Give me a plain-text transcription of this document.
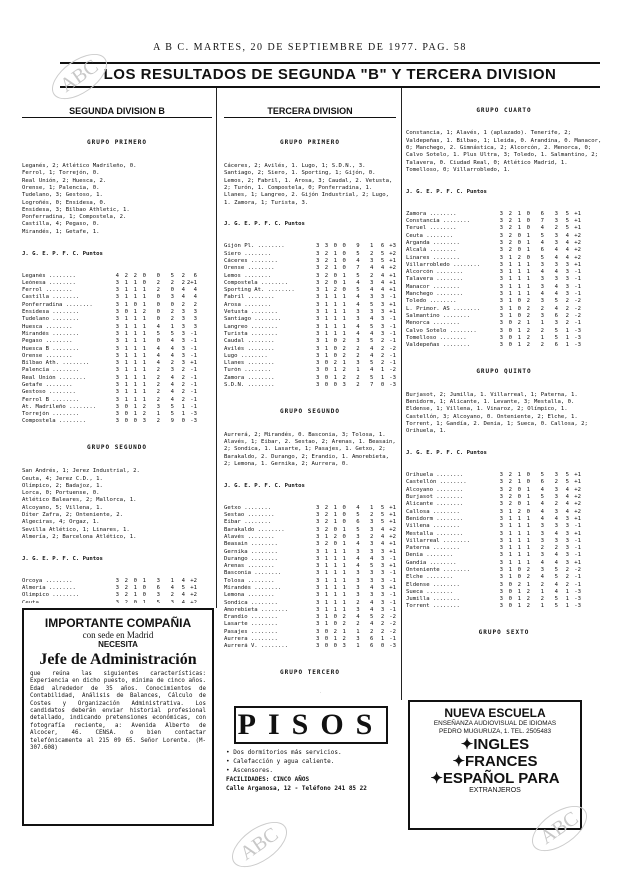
A B C. MARTES, 20 DE SEPTIEMBRE DE 1977. PAG. 58
LOS RESULTADOS DE SEGUNDA "B" Y TERCERA DIVISION

SEGUNDA DIVISION B

GRUPO PRIMERO

Leganés, 2; Atlético Madrileño, 0.
Ferrol, 1; Torrejón, 0.
Real Unión, 2; Huesca, 2.
Orense, 1; Palencia, 0.
Tudelano, 3; Gestoso, 1.
Logroñés, 0; Ensidesa, 0.
Ensidesa, 3; Bilbao Athletic, 1.
Ponferradina, 1; Compostela, 2.
Castilla, 4; Pegaso, 0.
Mirandés, 1; Getafe, 1.

J. G. E. P. F. C. Puntos

Leganés ........	4	2	2	0	0	5	2	6
Leónesa ........	3	1	1	0	2	2	2 2+1
Ferrol ........	3	1	1	1	2	0	4	4
Castilla ........	3	1	1	1	0	3	4	4
Ponferradina ........	3	1	0	1	0	0	2	2
Ensidesa ........	3	0	1	2	0	2	3	3
Tudelano ........	3	1	1	1	0	2	3	3
Huesca ........	3	1	1	1	4	1	3	3
Mirandés ........	3	1	1	1	5	5	3 -1
Pegaso ........	3	1	1	1	0	4	3 -1
Huesca B ........	3	1	1	1	4	4	3 -1
Orense ........	3	1	1	1	4	4	3 -1
Bilbao Ath. ........	3	1	1	1	4	2	3 +1
Palencia ........	3	1	1	1	2	3	2 -1
Real Unión ........	3	1	1	1	2	4	2 -1
Getafe ........	3	1	1	1	2	4	2 -1
Gestoso ........	3	1	1	1	2	4	2 -1
Ferrol B ........	3	1	1	1	2	4	2 -1
At. Madrileño ........	3	0	1	2	3	5	1 -1
Torrejón ........	3	0	1	2	1	5	1 -3
Compostela ........	3	0	0	3	2	9	0 -3

GRUPO SEGUNDO

San Andrés, 1; Jerez Industrial, 2.
Ceuta, 4; Jerez C.D., 1.
Olímpico, 2; Badajoz, 1.
Lorca, 0; Portuense, 0.
Atlético Baleares, 2; Mallorca, 1.
Alcoyano, 5; Villena, 1.
Díter Zafra, 2; Onteniente, 2.
Algeciras, 4; Orgaz, 1.
Sevilla Atlético, 1; Linares, 1.
Almería, 2; Barcelona Atlético, 1.

J. G. E. P. F. C. Puntos

Orcoya ........	3	2	0	1	3	1	4 +2
Almería ........	3	2	1	0	6	4	5 +1
Olímpico ........	3	2	1	0	3	2	4 +2
Ceuta ........	3	2	0	1	5	3	4 +2

TERCERA DIVISION

GRUPO PRIMERO

Cáceres, 2; Avilés, 1. Lugo, 1; S.D.N., 3. Santiago, 2; Siero, 1. Sporting, 1; Gijón, 0. Lemos, 2; Fabril, 1. Arosa, 3; Caudal, 2. Vetusta, 2; Turón, 1. Compostela, 0; Ponferradina, 1. Llanes, 1; Langreo, 2. Gijón Industrial, 2; Lugo, 1. Zamora, 1; Turista, 3.

J. G. E. P. F. C. Puntos

Gijón Pl. ........	3 3 0 0	9	1	6 +3
Siero ........	3 2 1 0	5	2	5 +2
Cáceres ........	3 2 1 0	4	3	5 +1
Orense ........	3 2 1 0	7	4	4 +2
Lemos ........	3 2 0 1	5	2	4 +1
Compostela ........	3 2 0 1	4	3	4 +1
Sporting At. ........	3 1 2 0	5	4	4 +1
Fabril ........	3 1 1 1	4	3	3 -1
Arosa ........	3 1 1 1	4	5	3 +1
Vetusta ........	3 1 1 1	3	3	3 +1
Santiago ........	3 1 1 1	3	4	3 -1
Langreo ........	3 1 1 1	4	5	3 -1
Turista ........	3 1 1 1	4	4	3 -1
Caudal ........	3 1 0 2	3	5	2 -1
Avilés ........	3 1 0 2	2	4	2 -2
Lugo ........	3 1 0 2	2	4	2 -1
Llanes ........	3 0 2 1	3	5	2 -1
Turón ........	3 0 1 2	1	4	1 -2
Zamora ........	3 0 1 2	2	5	1 -3
S.D.N. ........	3 0 0 3	2	7	0 -3

GRUPO SEGUNDO

Aurrerá, 2; Mirandés, 0. Basconia, 3; Tolosa, 1. Alavés, 1; Eibar, 2. Sestao, 2; Arenas, 1. Beasain, 2; Sondica, 1. Lasarte, 1; Pasajes, 1. Getxo, 2; Barakaldo, 2. Durango, 2; Erandio, 1. Amorebieta, 2; Lemona, 1. Gernika, 2; Aurrera, 0.

J. G. E. P. F. C. Puntos

Getxo ........	3 2 1 0	4	1	5 +1
Sestao ........	3 2 1 0	5	2	5 +1
Eibar ........	3 2 1 0	6	3	5 +1
Barakaldo ........	3 2 0 1	5	3	4 +2
Alavés ........	3 1 2 0	3	2	4 +2
Beasain ........	3 2 0 1	4	3	4 +1
Gernika ........	3 1 1 1	3	3	3 +1
Durango ........	3 1 1 1	4	4	3 -1
Arenas ........	3 1 1 1	4	5	3 +1
Basconia ........	3 1 1 1	3	3	3 -1
Tolosa ........	3 1 1 1	3	3	3 -1
Mirandés ........	3 1 1 1	3	4	3 +1
Lemona ........	3 1 1 1	3	3	3 -1
Sondica ........	3 1 1 1	2	4	3 -1
Amorebieta ........	3 1 1 1	3	4	3 -1
Erandio ........	3 1 0 2	4	5	2 -2
Lasarte ........	3 1 0 2	2	4	2 -2
Pasajes ........	3 0 2 1	1	2	2 -2
Aurrera ........	3 0 1 2	3	6	1 -1
Aurrerá V. ........	3 0 0 3	1	6	0 -3

GRUPO TERCERO

GRUPO CUARTO

Constancia, 1; Alavés, 1 (aplazado). Tenerife, 2; Valdepeñas, 1. Bilbao, 1; Lleida, 0. Arandina, 0. Manacor, 0; Manchego, 2. Gimnástica, 2; Alcorcón, 2. Menorca, 0; Calvo Sotelo, 1. Plus Ultra, 3; Toledo, 1. Salmantino, 2; Talavera, 0. Ciudad Real, 0; Atlético Madrid, 1. Tomelloso, 0; Villarrobledo, 1.

J. G. E. P. F. C. Puntos

Zamora ........	3	2	1	0	6	3	5 +1
Constancia ........	3	2	1	0	7	3	5 +1
Teruel ........	3	2	1	0	4	2	5 +1
Ceuta ........	3	2	0	1	5	3	4 +2
Arganda ........	3	2	0	1	4	3	4 +2
Alcalá ........	3	2	0	1	6	4	4 +2
Linares ........	3	1	2	0	5	4	4 +2
Villarrobledo ........	3	1	1	1	3	3	3 +1
Alcorcón ........	3	1	1	1	4	4	3 -1
Talavera ........	3	1	1	1	3	3	3 -1
Manacor ........	3	1	1	1	3	4	3 -1
Manchego ........	3	1	1	1	4	4	3 -1
Toledo ........	3	1	0	2	3	5	2 -2
L. Primor. AS ........	3	1	0	2	2	4	2 -2
Salmantino ........	3	1	0	2	3	6	2 -2
Menorca ........	3	0	2	1	1	3	2 -1
Calvo Sotelo ........	3	0	1	2	2	5	1 -3
Tomelloso ........	3	0	1	2	1	5	1 -3
Valdepeñas ........	3	0	1	2	2	6	1 -3

GRUPO QUINTO

Burjasot, 2; Jumilla, 1. Villarreal, 1; Paterna, 1. Benidorm, 1; Alicante, 1. Levante, 3; Mestalla, 0. Eldense, 1; Villena, 1. Vinaroz, 2; Olímpico, 1. Castellón, 3; Alcoyano, 0. Onteniente, 2; Elche, 1. Torrent, 1; Gandía, 2. Denia, 1; Sueca, 0. Callosa, 2; Orihuela, 1.

J. G. E. P. F. C. Puntos

Orihuela ........	3	2	1	0	5	3	5 +1
Castellón ........	3	2	1	0	6	2	5 +1
Alcoyano ........	3	2	0	1	4	3	4 +2
Burjasot ........	3	2	0	1	5	3	4 +2
Alicante ........	3	2	0	1	4	2	4 +2
Callosa ........	3	1	2	0	4	3	4 +2
Benidorm ........	3	1	1	1	4	4	3 +1
Villena ........	3	1	1	1	3	3	3 -1
Mestalla ........	3	1	1	1	3	4	3 +1
Villarreal ........	3	1	1	1	3	3	3 -1
Paterna ........	3	1	1	1	2	2	3 -1
Denia ........	3	1	1	1	3	4	3 -1
Gandía ........	3	1	1	1	4	4	3 +1
Onteniente ........	3	1	0	2	3	5	2 -2
Elche ........	3	1	0	2	4	5	2 -1
Eldense ........	3	0	2	1	2	4	2 -1
Sueca ........	3	0	1	2	1	4	1 -3
Jumilla ........	3	0	1	2	2	5	1 -3
Torrent ........	3	0	1	2	1	5	1 -3

GRUPO SEXTO

IMPORTANTE COMPAÑIA
con sede en Madrid
NECESITA
Jefe de Administración
que reúna las siguientes características: Experiencia en dicho puesto, mínima de cinco años. Edad alrededor de 35 años. Conocimientos de Contabilidad, Análisis de Balances, Cálculo de Costes y Organización Administrativa. Los candidatos deberán enviar historial profesional detallado, indicando pretensiones económicas, con fotografía reciente, a: Avenida Alberto de Alcocer, 46. CENSA. o bien contactar telefónicamente al 215 09 65. Señor Lorente. (M-307.608)
PISOS
• Dos dormitorios más servicios.
• Calefacción y agua caliente.
• Ascensores.
FACILIDADES: CINCO AÑOS
Calle Arganosa, 12 - Teléfono 241 85 22
NUEVA ESCUELA
ENSEÑANZA AUDIOVISUAL DE IDIOMAS
PEDRO MUGURUZA, 1. TEL. 2505483
✦INGLES
✦FRANCES
✦ESPAÑOL PARA
EXTRANJEROS
ABC
ABC
ABC
